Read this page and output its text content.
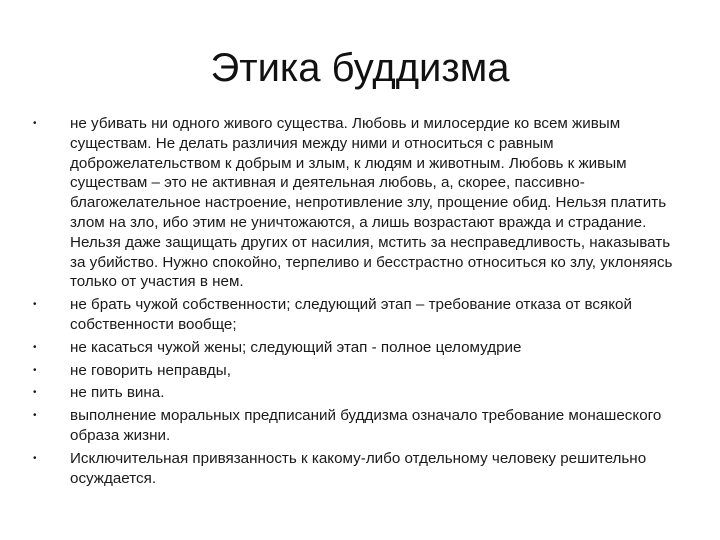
Этика буддизма
• не убивать ни одного живого существа. Любовь и милосердие ко всем живым существам. Не делать различия между ними и относиться с равным доброжелательством к добрым и злым, к людям и животным. Любовь к живым существам – это не активная и деятельная любовь, а, скорее, пассивно-благожелательное настроение, непротивление злу, прощение обид. Нельзя платить злом на зло, ибо этим не уничтожаются, а лишь возрастают вражда и страдание. Нельзя даже защищать других от насилия, мстить за несправедливость, наказывать за убийство. Нужно спокойно, терпеливо и бесстрастно относиться ко злу, уклоняясь только от участия в нем.
• не брать чужой собственности; следующий этап – требование отказа от всякой собственности вообще;
• не касаться чужой жены; следующий этап - полное целомудрие
• не говорить неправды,
• не пить вина.
• выполнение моральных предписаний буддизма означало требование монашеского образа жизни.
• Исключительная привязанность к какому-либо отдельному человеку решительно осуждается.
